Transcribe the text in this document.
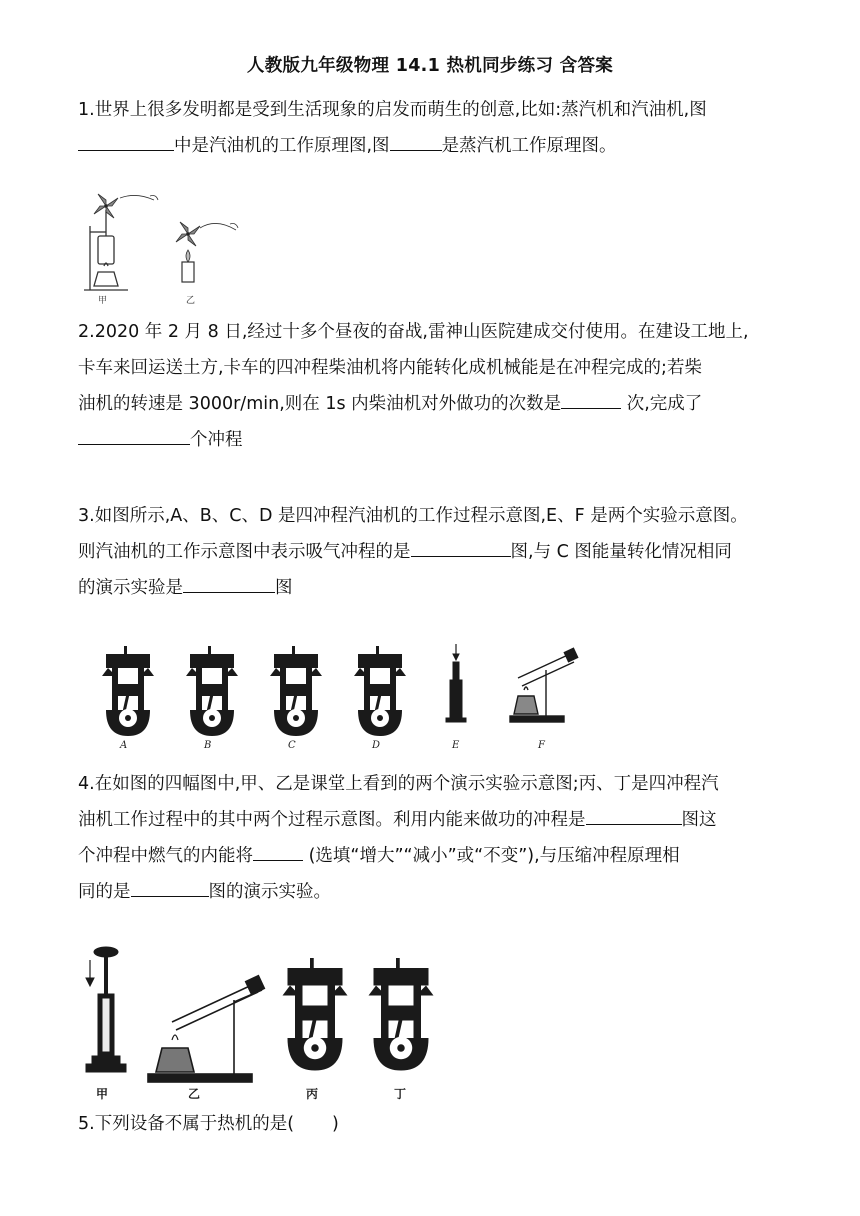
人教版九年级物理 14.1 热机同步练习 含答案
1.世界上很多发明都是受到生活现象的启发而萌生的创意,比如:蒸汽机和汽油机,图
中是汽油机的工作原理图,图	是蒸汽机工作原理图。
甲	乙
2.2020 年 2 月 8 日,经过十多个昼夜的奋战,雷神山医院建成交付使用。在建设工地上,
卡车来回运送土方,卡车的四冲程柴油机将内能转化成机械能是在冲程完成的;若柴
油机的转速是 3000r/min,则在 1s 内柴油机对外做功的次数是	次,完成了
个冲程
3.如图所示,A、B、C、D 是四冲程汽油机的工作过程示意图,E、F 是两个实验示意图。
则汽油机的工作示意图中表示吸气冲程的是	图,与 C 图能量转化情况相同
的演示实验是	图
A	B	C	D	E	F
4.在如图的四幅图中,甲、乙是课堂上看到的两个演示实验示意图;丙、丁是四冲程汽
油机工作过程中的其中两个过程示意图。利用内能来做功的冲程是	图这
个冲程中燃气的内能将	(选填“增大”“减小”或“不变”),与压缩冲程原理相
同的是	图的演示实验。
甲	乙	丙	丁
5.下列设备不属于热机的是( )
